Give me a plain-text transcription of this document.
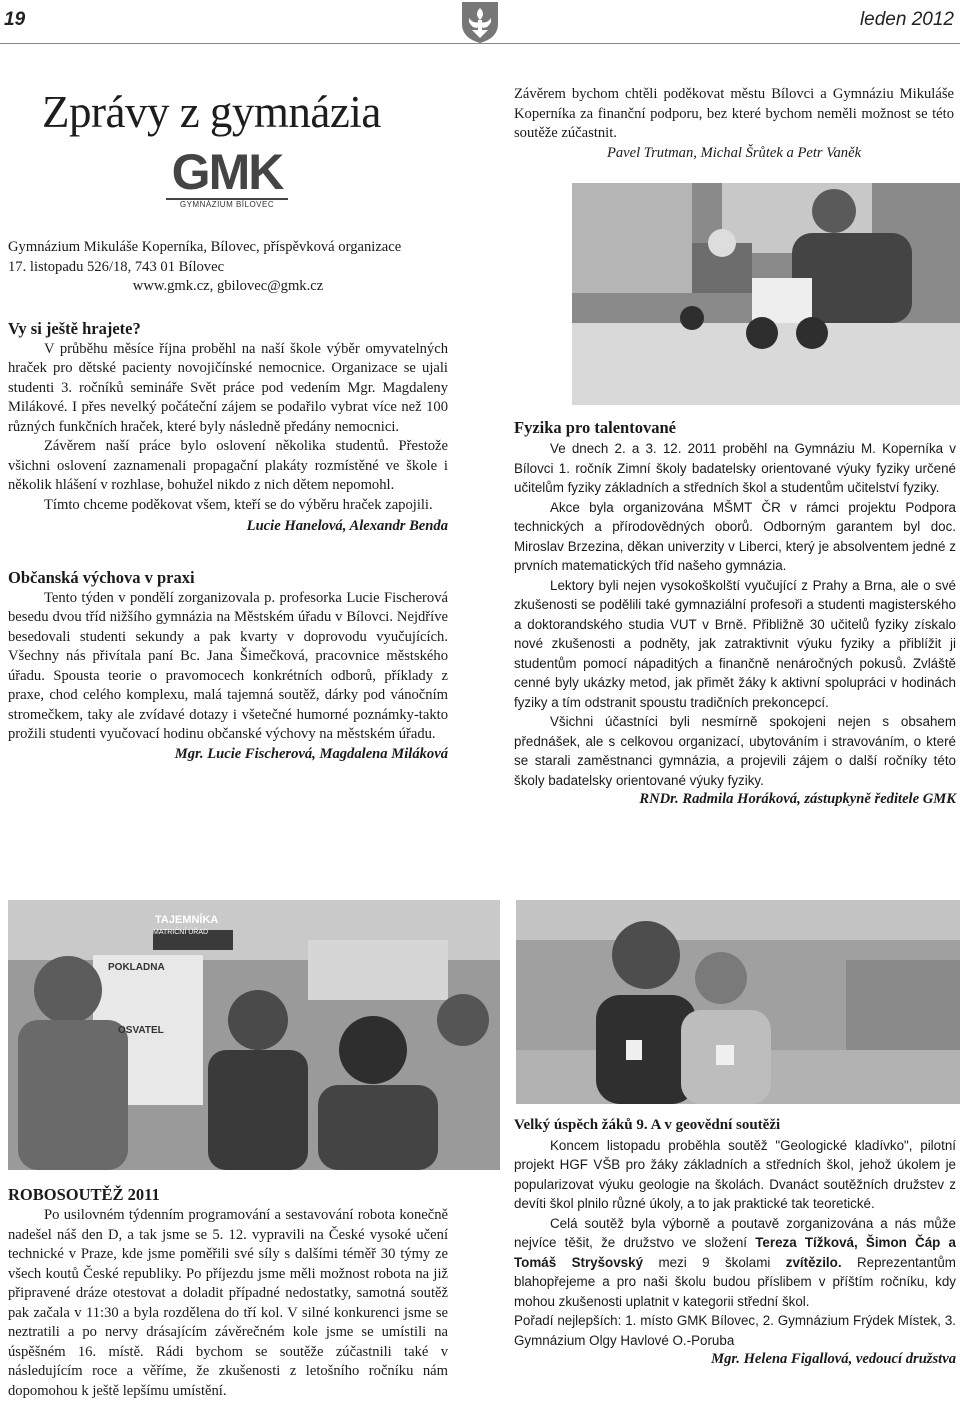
19	leden 2012
Zprávy z gymnázia
GMK
GYMNÁZIUM BÍLOVEC

Gymnázium Mikuláše Koperníka, Bílovec, příspěvková organizace

17. listopadu 526/18, 743 01 Bílovec

www.gmk.cz, gbilovec@gmk.cz

Vy si ještě hrajete?

V průběhu měsíce října proběhl na naší škole výběr omyvatelných hraček pro dětské pacienty novojičínské nemocnice. Organizace se ujali studenti 3. ročníků semináře Svět práce pod vedením Mgr. Magdaleny Milákové. I přes nevelký počáteční zájem se podařilo vybrat více než 100 různých funkčních hraček, které byly následně předány nemocnici.

Závěrem naší práce bylo oslovení několika studentů. Přestože všichni oslovení zaznamenali propagační plakáty rozmístěné ve škole i několik hlášení v rozhlase, bohužel nikdo z nich dětem nepomohl.

Tímto chceme poděkovat všem, kteří se do výběru hraček zapojili.

Lucie Hanelová, Alexandr Benda

Občanská výchova v praxi

Tento týden v pondělí zorganizovala p. profesorka Lucie Fischerová besedu dvou tříd nižšího gymnázia na Městském úřadu v Bílovci. Nejdříve besedovali studenti sekundy a pak kvarty v doprovodu vyučujících. Všechny nás přivítala paní Bc. Jana Šimečková, pracovnice městského úřadu. Spousta teorie o pravomocech konkrétních odborů, příklady z praxe, chod celého komplexu, malá tajemná soutěž, dárky pod vánočním stromečkem, taky ale zvídavé dotazy i všetečné humorné poznámky-takto prožili studenti vyučovací hodinu občanské výchovy na městském úřadu.

Mgr. Lucie Fischerová, Magdalena Miláková

Závěrem bychom chtěli poděkovat městu Bílovci a Gymnáziu Mikuláše Koperníka za finanční podporu, bez které bychom neměli možnost se této soutěže zúčastnit.

Pavel Trutman, Michal Šrůtek a Petr Vaněk

Fyzika pro talentované

Ve dnech 2. a 3. 12. 2011 proběhl na Gymnáziu M. Koperníka v Bílovci 1. ročník Zimní školy badatelsky orientované výuky fyziky určené učitelům fyziky základních a středních škol a studentům učitelství fyziky.

Akce byla organizována MŠMT ČR v rámci projektu Podpora technických a přírodovědných oborů. Odborným garantem byl doc. Miroslav Brzezina, děkan univerzity v Liberci, který je absolventem jedné z prvních matematických tříd našeho gymnázia.

Lektory byli nejen vysokoškolští vyučující z Prahy a Brna, ale o své zkušenosti se podělili také gymnaziální profesoři a studenti magisterského a doktorandského studia VUT v Brně. Přibližně 30 učitelů fyziky získalo nové zkušenosti a podněty, jak zatraktivnit výuku fyziky a přiblížit ji studentům pomocí nápaditých a finančně nenáročných pokusů. Zvláště cenné byly ukázky metod, jak přimět žáky k aktivní spolupráci v hodinách fyziky a tím odstranit spoustu tradičních prekoncepcí.

Všichni účastníci byli nesmírně spokojeni nejen s obsahem přednášek, ale s celkovou organizací, ubytováním i stravováním, o které se starali zaměstnanci gymnázia, a projevili zájem o další ročníky této školy badatelsky orientované výuky fyziky.

RNDr. Radmila Horáková, zástupkyně ředitele GMK

TAJEMNÍKA
MATRIČNÍ ÚŘAD
POKLADNA
OSVATEL
ROBOSOUTĚŽ 2011

Po usilovném týdenním programování a sestavování robota konečně nadešel náš den D, a tak jsme se 5. 12. vypravili na České vysoké učení technické v Praze, kde jsme poměřili své síly s dalšími téměř 30 týmy ze všech koutů České republiky. Po příjezdu jsme měli možnost robota na již připravené dráze otestovat a doladit případné nedostatky, samotná soutěž pak začala v 11:30 a byla rozdělena do tří kol. V silné konkurenci jsme se neztratili a po nervy drásajícím závěrečném kole jsme se umístili na úspěšném 16. místě. Rádi bychom se soutěže zúčastnili také v následujícím roce a věříme, že zkušenosti z letošního ročníku nám dopomohou k ještě lepšímu umístění.

Velký úspěch žáků 9. A v geovědní soutěži

Koncem listopadu proběhla soutěž "Geologické kladívko", pilotní projekt HGF VŠB pro žáky základních a středních škol, jehož úkolem je popularizovat výuku geologie na školách. Dvanáct soutěžních družstev z devíti škol plnilo různé úkoly, a to jak praktické tak teoretické.

Celá soutěž byla výborně a poutavě zorganizována a nás může nejvíce těšit, že družstvo ve složení Tereza Tížková, Šimon Čáp a Tomáš Stryšovský mezi 9 školami zvítězilo. Reprezentantům blahopřejeme a pro naši školu budou příslibem v příštím ročníku, kdy mohou zkušenosti uplatnit v kategorii střední škol.

Pořadí nejlepších: 1. místo GMK Bílovec, 2. Gymnázium Frýdek Místek, 3. Gymnázium Olgy Havlové O.-Poruba

Mgr. Helena Figallová, vedoucí družstva
